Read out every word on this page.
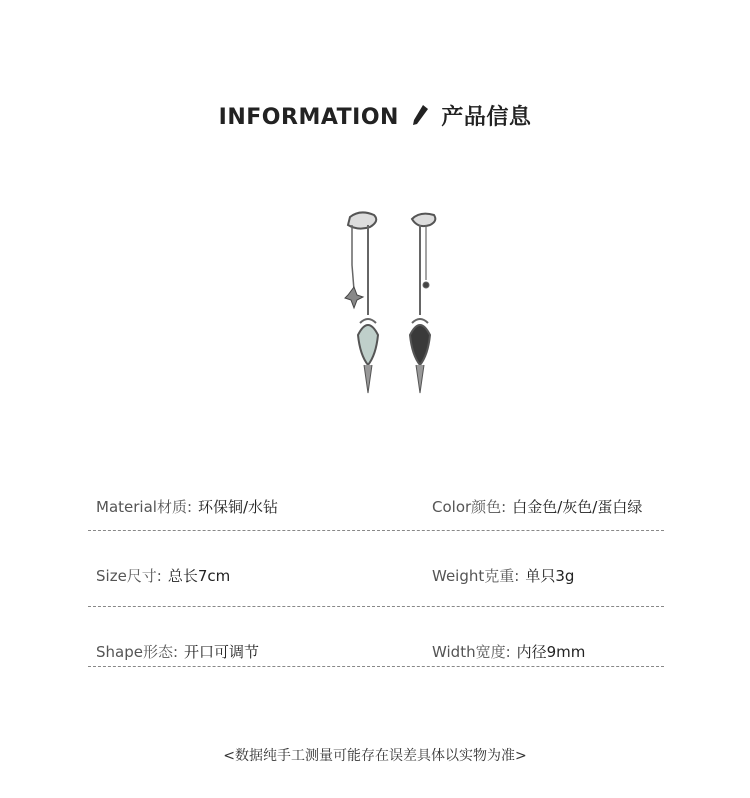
INFORMATION 产品信息
Material材质: 环保铜/水钻	Color颜色: 白金色/灰色/蛋白绿
Size尺寸: 总长7cm	Weight克重: 单只3g
Shape形态: 开口可调节	Width宽度: 内径9mm
<数据纯手工测量可能存在误差具体以实物为准>
